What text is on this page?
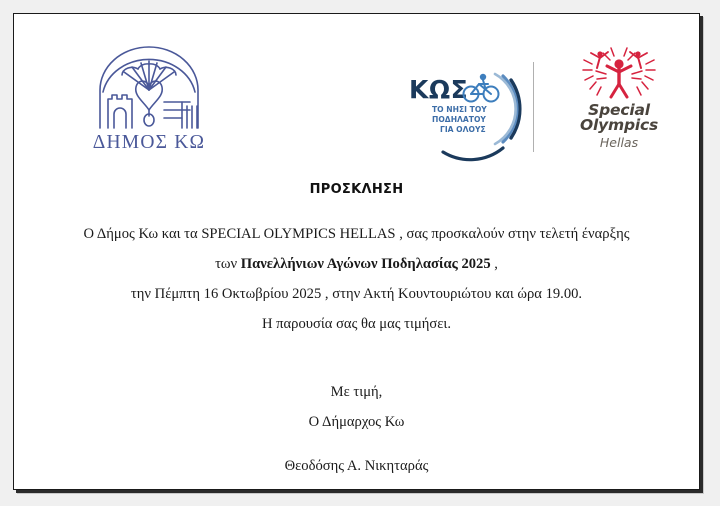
ΔΗΜΟΣ ΚΩ
ΚΩΣ
ΤΟ ΝΗΣΙ ΤΟΥ
ΠΟΔΗΛΑΤΟΥ
ΓΙΑ ΟΛΟΥΣ
Special
Olympics
Hellas
ΠΡΟΣΚΛΗΣΗ
Ο Δήμος Κω και τα SPECIAL OLYMPICS HELLAS , σας προσκαλούν στην τελετή έναρξης
των Πανελλήνιων Αγώνων Ποδηλασίας 2025 ,
την Πέμπτη 16 Οκτωβρίου 2025 , στην Ακτή Κουντουριώτου και ώρα 19.00.
Η παρουσία σας θα μας τιμήσει.
Με τιμή,
Ο Δήμαρχος Κω
Θεοδόσης Α. Νικηταράς
